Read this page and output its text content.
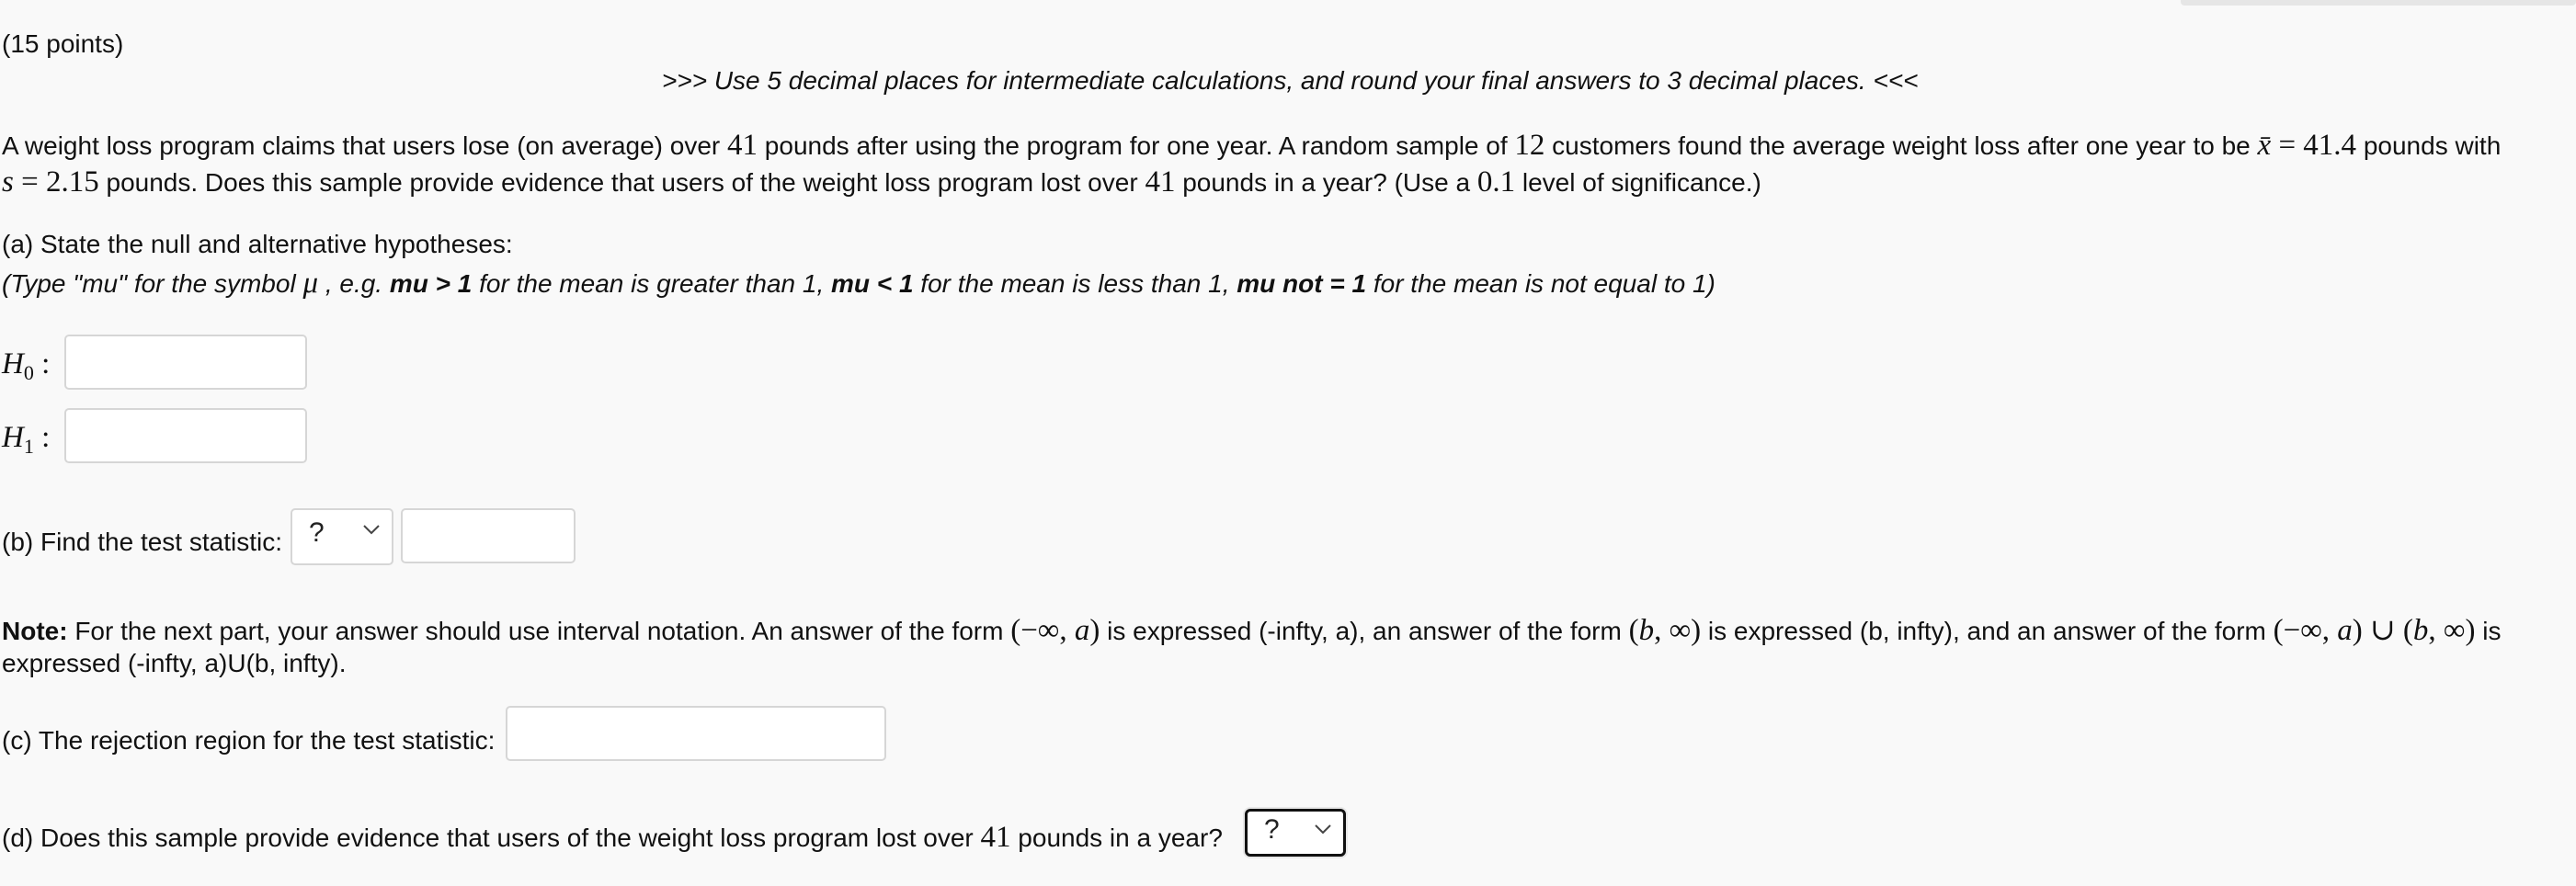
(15 points)
>>> Use 5 decimal places for intermediate calculations, and round your final answers to 3 decimal places. <<<
A weight loss program claims that users lose (on average) over 41 pounds after using the program for one year. A random sample of 12 customers found the average weight loss after one year to be x̄ = 41.4 pounds with
s = 2.15 pounds. Does this sample provide evidence that users of the weight loss program lost over 41 pounds in a year? (Use a 0.1 level of significance.)
(a) State the null and alternative hypotheses:
(Type "mu" for the symbol μ , e.g. mu > 1 for the mean is greater than 1, mu < 1 for the mean is less than 1, mu not = 1 for the mean is not equal to 1)
$H_0$ :
$H_1$ :
(b) Find the test statistic: ?
Note: For the next part, your answer should use interval notation. An answer of the form (−∞, a) is expressed (-infty, a), an answer of the form (b, ∞) is expressed (b, infty), and an answer of the form (−∞, a) ∪ (b, ∞) is
expressed (-infty, a)U(b, infty).
(c) The rejection region for the test statistic:
(d) Does this sample provide evidence that users of the weight loss program lost over 41 pounds in a year? ?
